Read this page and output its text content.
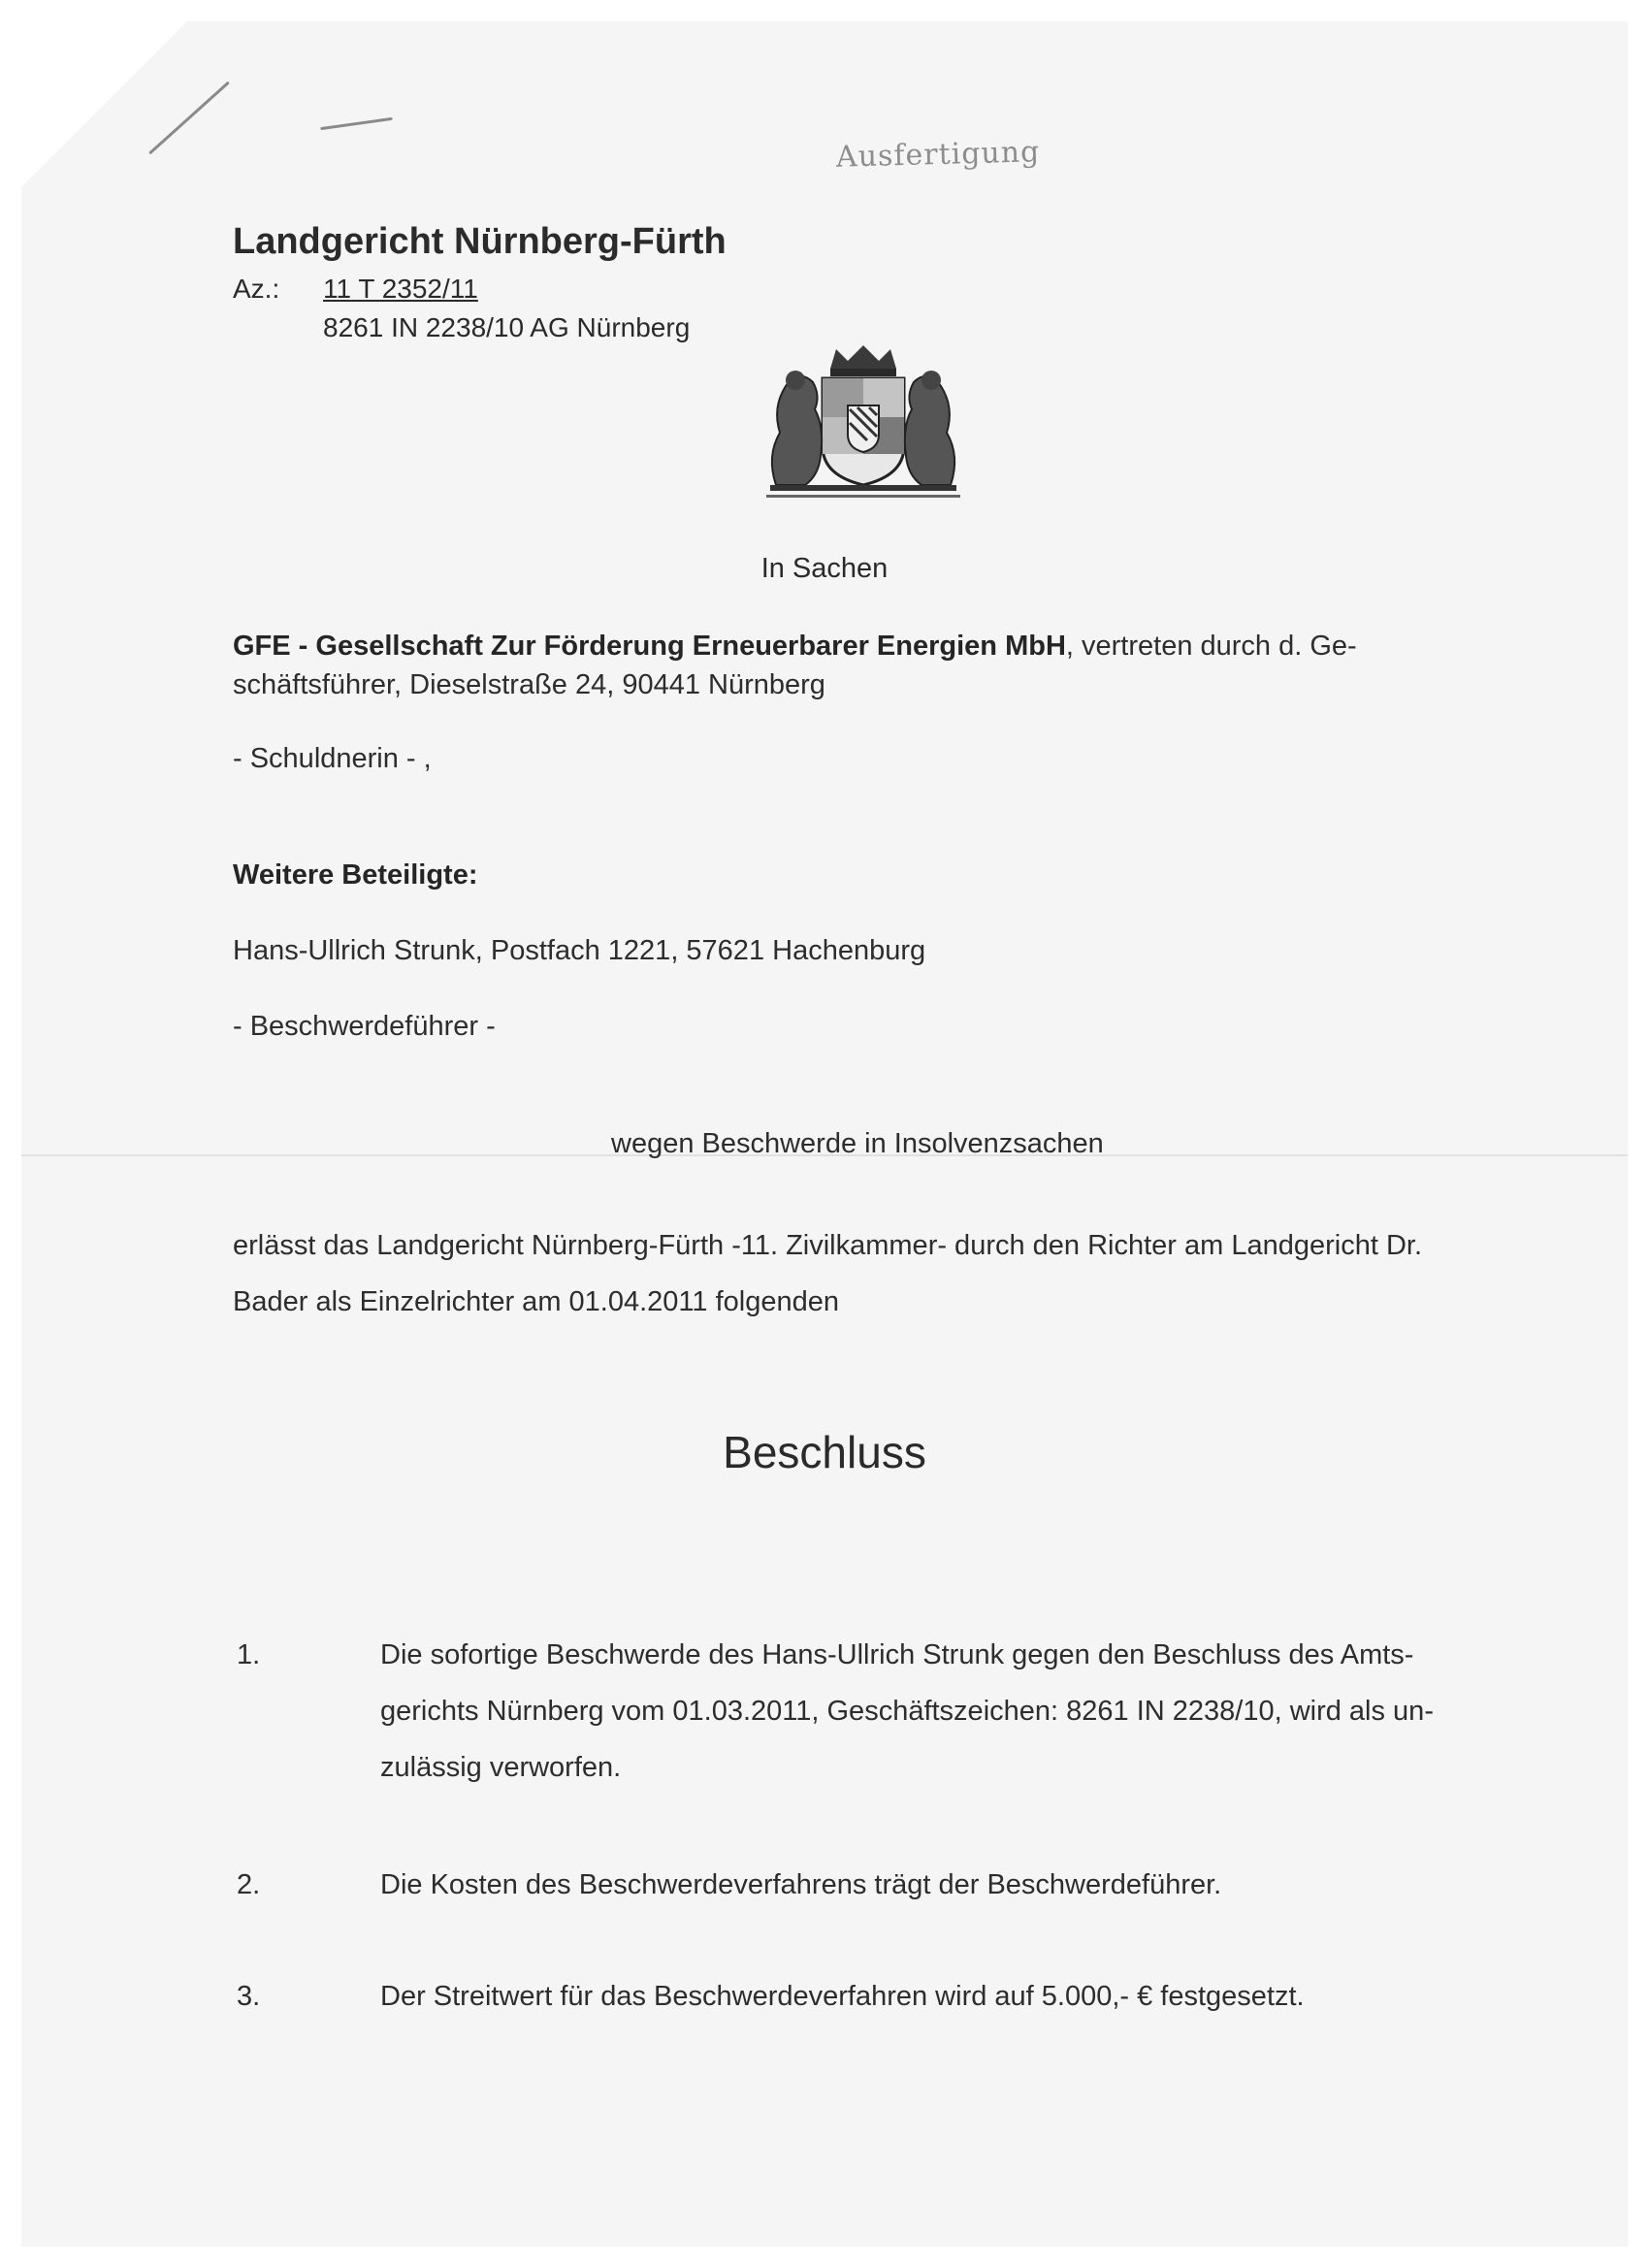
Ausfertigung
Landgericht Nürnberg-Fürth
Az.: 11 T 2352/11
8261 IN 2238/10 AG Nürnberg
In Sachen
GFE - Gesellschaft Zur Förderung Erneuerbarer Energien MbH, vertreten durch d. Ge-
schäftsführer, Dieselstraße 24, 90441 Nürnberg
- Schuldnerin - ,
Weitere Beteiligte:
Hans-Ullrich Strunk, Postfach 1221, 57621 Hachenburg
- Beschwerdeführer -
wegen Beschwerde in Insolvenzsachen
erlässt das Landgericht Nürnberg-Fürth -11. Zivilkammer- durch den Richter am Landgericht Dr.
Bader als Einzelrichter am 01.04.2011 folgenden
Beschluss
1.	Die sofortige Beschwerde des Hans-Ullrich Strunk gegen den Beschluss des Amts-
gerichts Nürnberg vom 01.03.2011, Geschäftszeichen: 8261 IN 2238/10, wird als un-
zulässig verworfen.
2.	Die Kosten des Beschwerdeverfahrens trägt der Beschwerdeführer.
3.	Der Streitwert für das Beschwerdeverfahren wird auf 5.000,- € festgesetzt.
